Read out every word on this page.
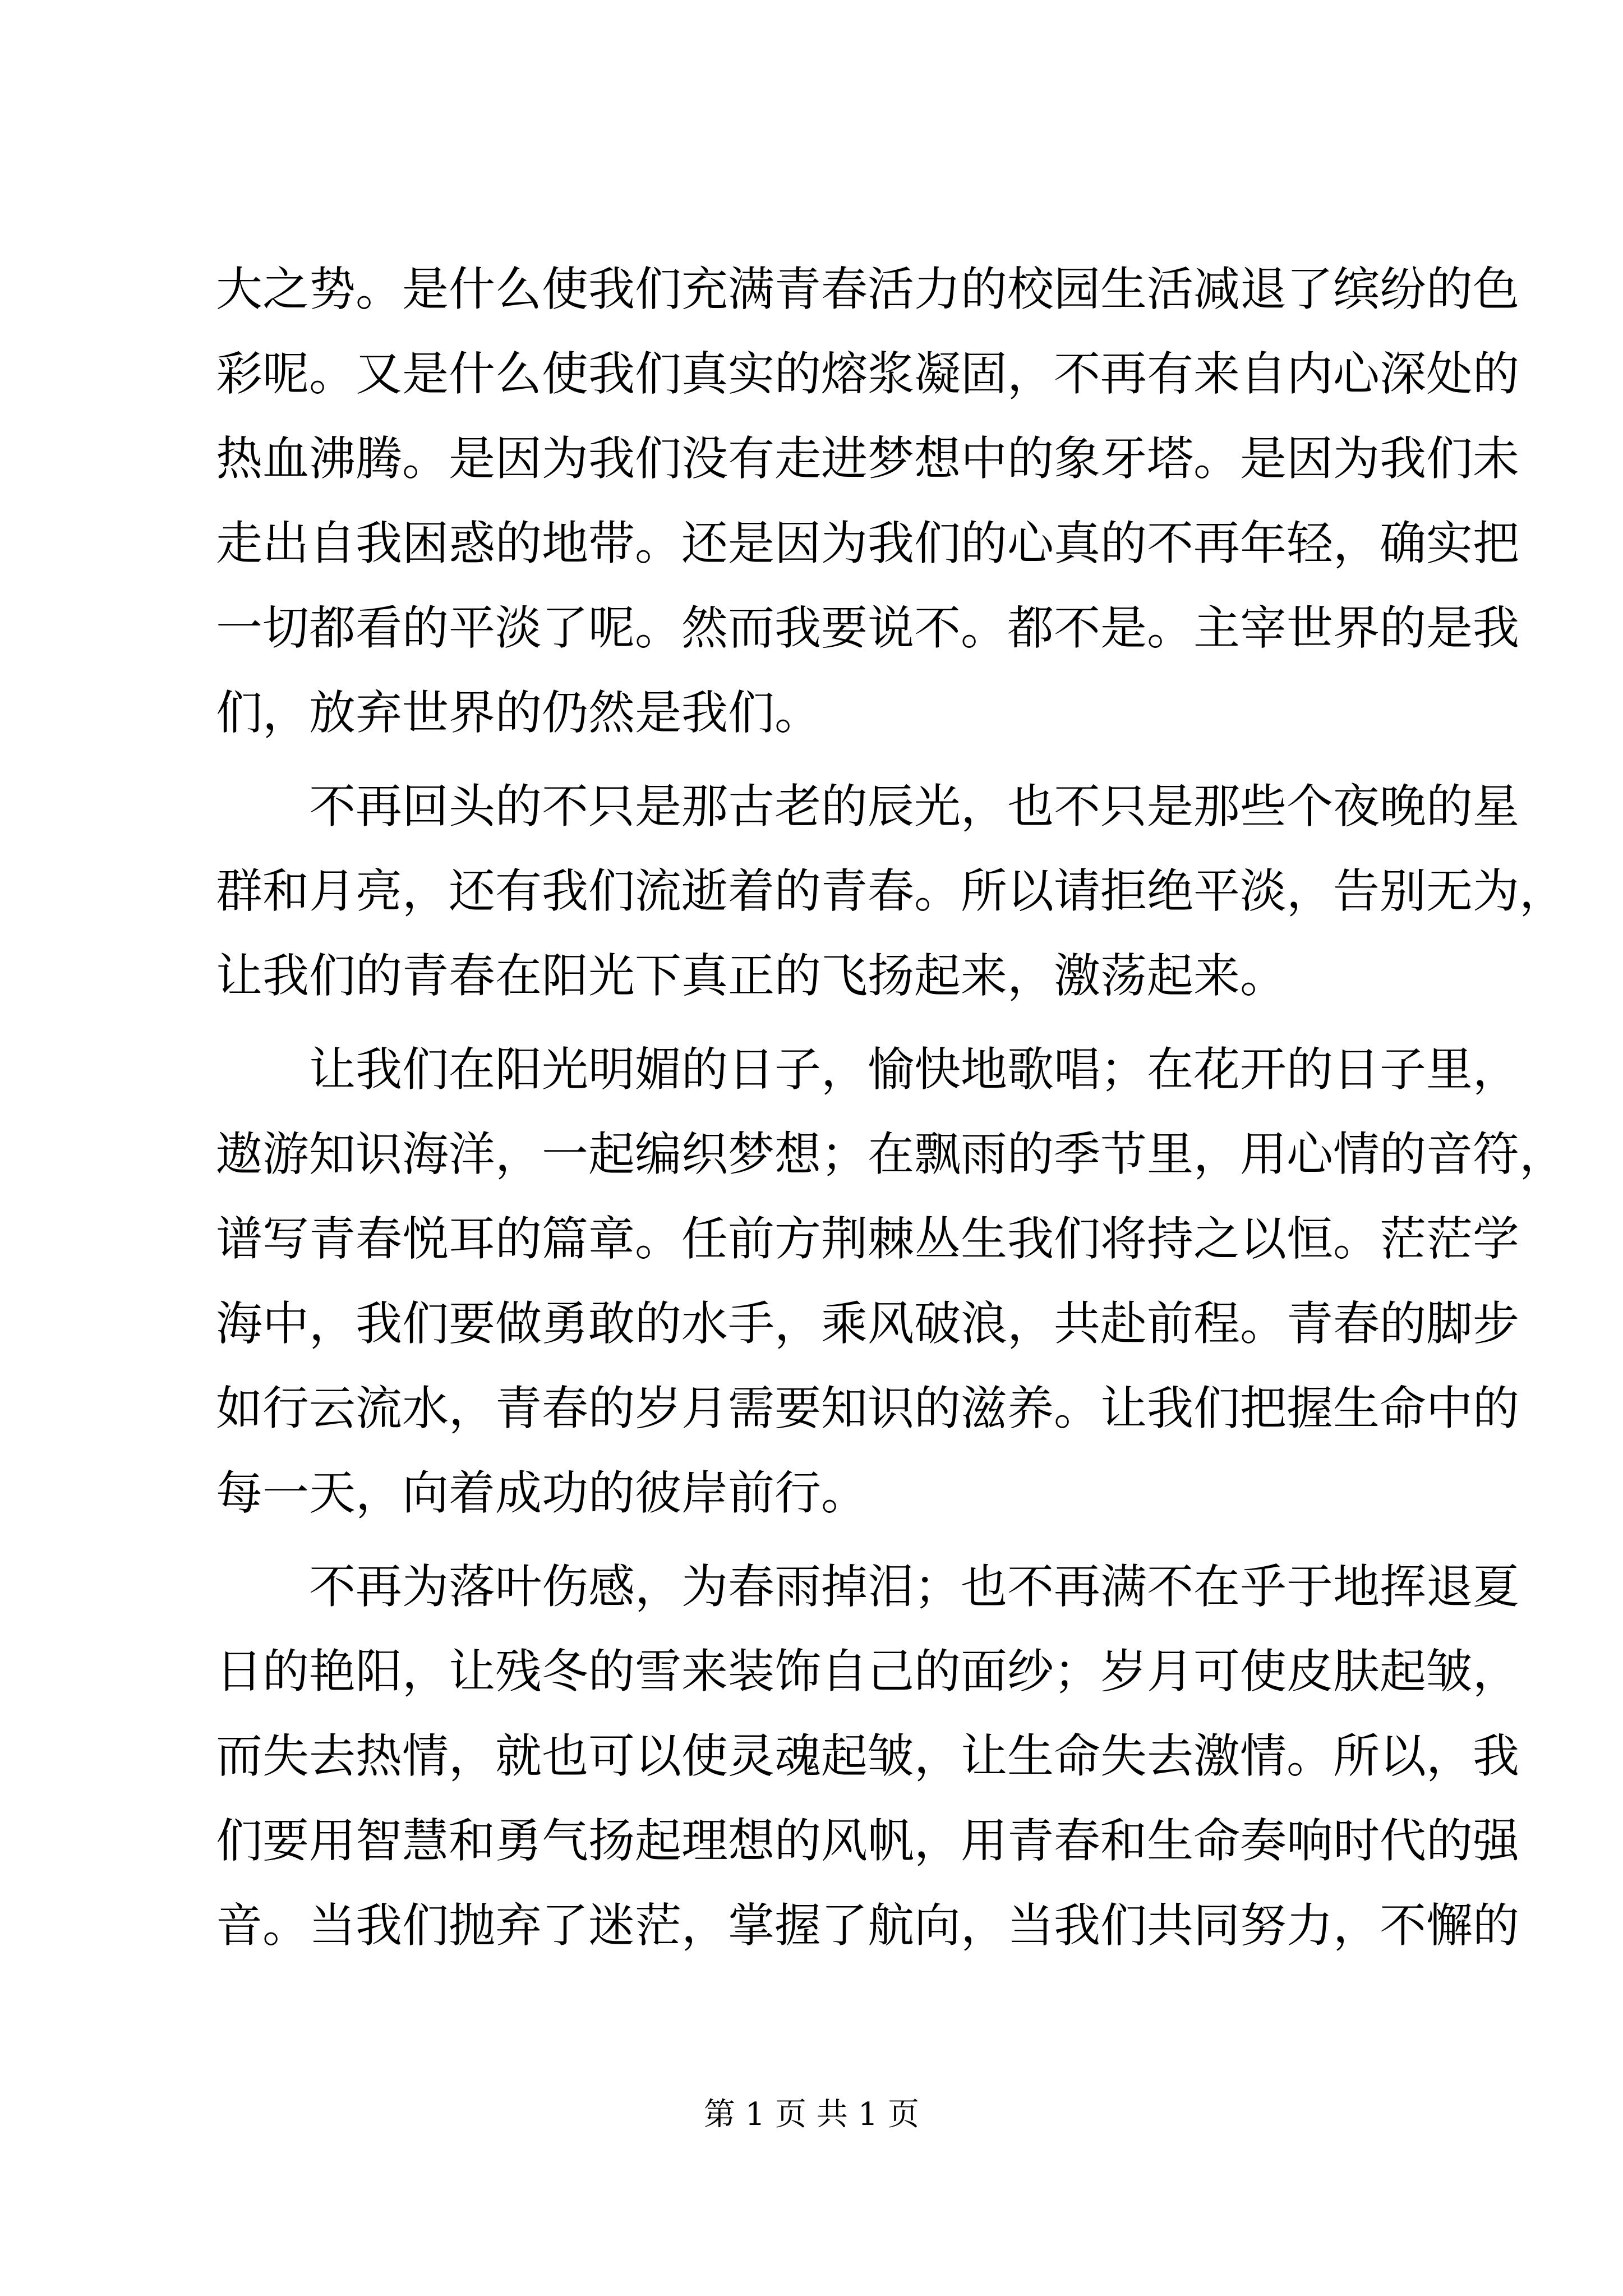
大之势。是什么使我们充满青春活力的校园生活减退了缤纷的色
彩呢。又是什么使我们真实的熔浆凝固，不再有来自内心深处的
热血沸腾。是因为我们没有走进梦想中的象牙塔。是因为我们未
走出自我困惑的地带。还是因为我们的心真的不再年轻，确实把
一切都看的平淡了呢。然而我要说不。都不是。主宰世界的是我
们，放弃世界的仍然是我们。
不再回头的不只是那古老的辰光，也不只是那些个夜晚的星
群和月亮，还有我们流逝着的青春。所以请拒绝平淡，告别无为，
让我们的青春在阳光下真正的飞扬起来，激荡起来。
让我们在阳光明媚的日子，愉快地歌唱；在花开的日子里，
遨游知识海洋，一起编织梦想；在飘雨的季节里，用心情的音符，
谱写青春悦耳的篇章。任前方荆棘丛生我们将持之以恒。茫茫学
海中，我们要做勇敢的水手，乘风破浪，共赴前程。青春的脚步
如行云流水，青春的岁月需要知识的滋养。让我们把握生命中的
每一天，向着成功的彼岸前行。
不再为落叶伤感，为春雨掉泪；也不再满不在乎于地挥退夏
日的艳阳，让残冬的雪来装饰自己的面纱；岁月可使皮肤起皱，
而失去热情，就也可以使灵魂起皱，让生命失去激情。所以，我
们要用智慧和勇气扬起理想的风帆，用青春和生命奏响时代的强
音。当我们抛弃了迷茫，掌握了航向，当我们共同努力，不懈的
第 1 页 共 1 页
